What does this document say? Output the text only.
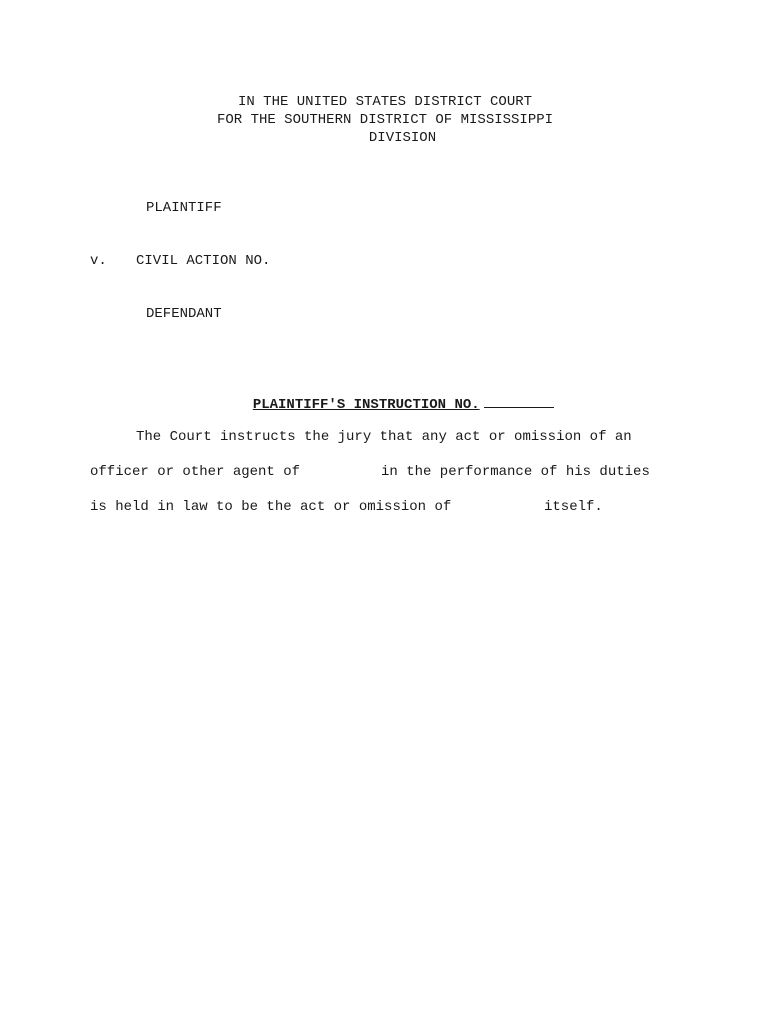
IN THE UNITED STATES DISTRICT COURT
FOR THE SOUTHERN DISTRICT OF MISSISSIPPI
DIVISION
PLAINTIFF
v. CIVIL ACTION NO.
DEFENDANT

PLAINTIFF'S INSTRUCTION NO.

The Court instructs the jury that any act or omission of an
officer or other agent of	in the performance of his duties
is held in law to be the act or omission of	itself.
